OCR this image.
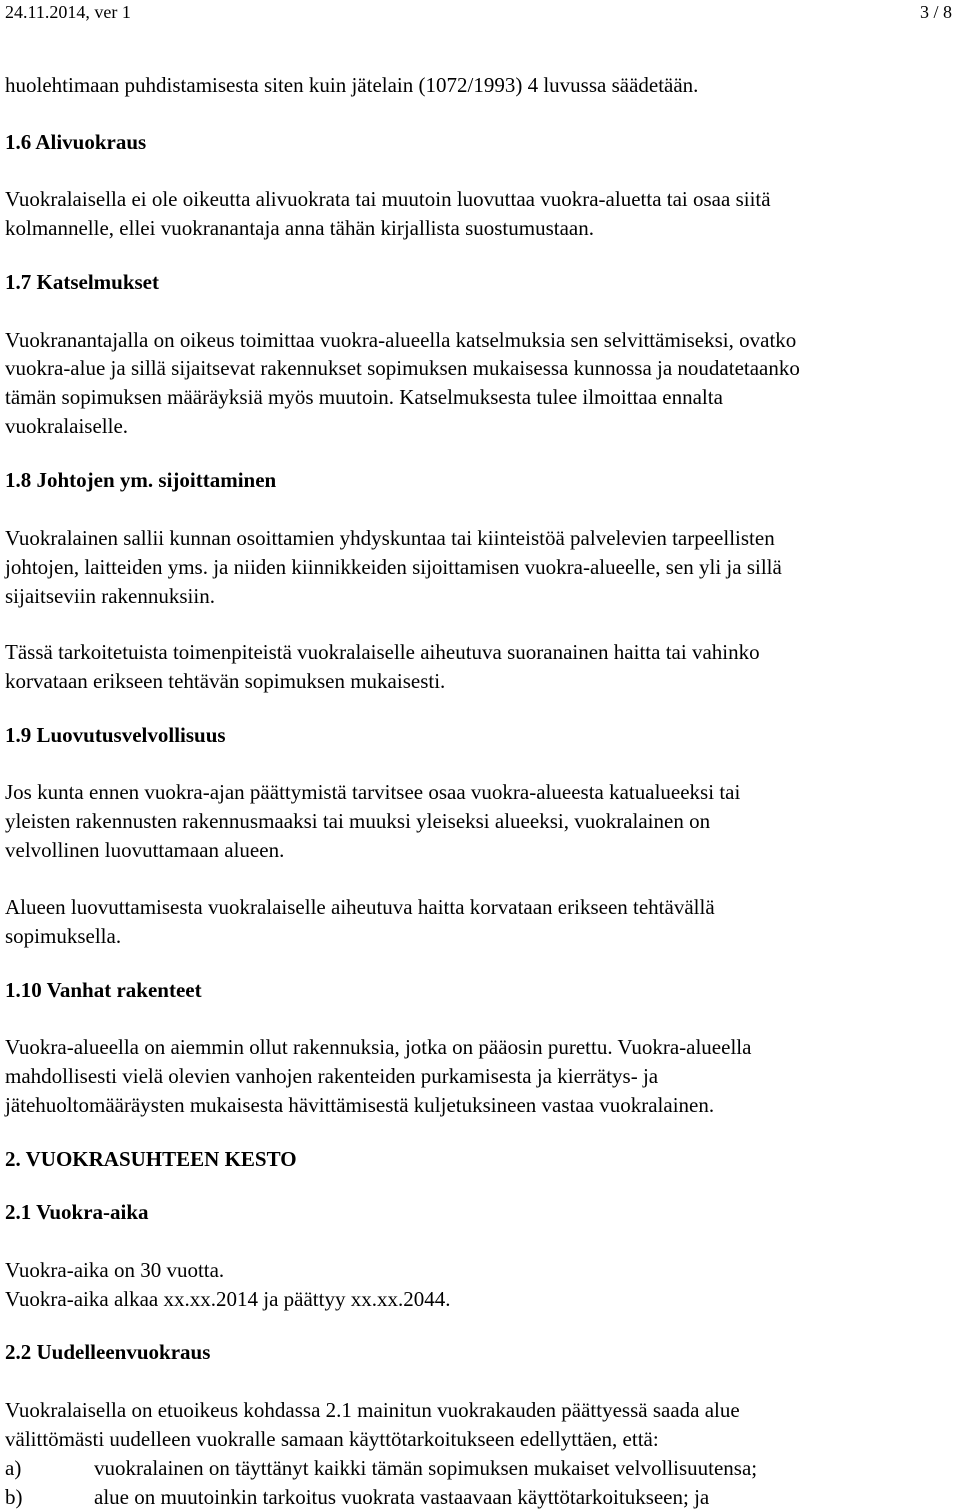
24.11.2014, ver 1	3 / 8

huolehtimaan puhdistamisesta siten kuin jätelain (1072/1993) 4 luvussa säädetään.

1.6 Alivuokraus

Vuokralaisella ei ole oikeutta alivuokrata tai muutoin luovuttaa vuokra-aluetta tai osaa siitä

kolmannelle, ellei vuokranantaja anna tähän kirjallista suostumustaan.

1.7 Katselmukset

Vuokranantajalla on oikeus toimittaa vuokra-alueella katselmuksia sen selvittämiseksi, ovatko

vuokra-alue ja sillä sijaitsevat rakennukset sopimuksen mukaisessa kunnossa ja noudatetaanko

tämän sopimuksen määräyksiä myös muutoin. Katselmuksesta tulee ilmoittaa ennalta

vuokralaiselle.

1.8 Johtojen ym. sijoittaminen

Vuokralainen sallii kunnan osoittamien yhdyskuntaa tai kiinteistöä palvelevien tarpeellisten

johtojen, laitteiden yms. ja niiden kiinnikkeiden sijoittamisen vuokra-alueelle, sen yli ja sillä

sijaitseviin rakennuksiin.

Tässä tarkoitetuista toimenpiteistä vuokralaiselle aiheutuva suoranainen haitta tai vahinko

korvataan erikseen tehtävän sopimuksen mukaisesti.

1.9 Luovutusvelvollisuus

Jos kunta ennen vuokra-ajan päättymistä tarvitsee osaa vuokra-alueesta katualueeksi tai

yleisten rakennusten rakennusmaaksi tai muuksi yleiseksi alueeksi, vuokralainen on

velvollinen luovuttamaan alueen.

Alueen luovuttamisesta vuokralaiselle aiheutuva haitta korvataan erikseen tehtävällä

sopimuksella.

1.10 Vanhat rakenteet

Vuokra-alueella on aiemmin ollut rakennuksia, jotka on pääosin purettu. Vuokra-alueella

mahdollisesti vielä olevien vanhojen rakenteiden purkamisesta ja kierrätys- ja

jätehuoltomääräysten mukaisesta hävittämisestä kuljetuksineen vastaa vuokralainen.

2. VUOKRASUHTEEN KESTO

2.1 Vuokra-aika

Vuokra-aika on 30 vuotta.

Vuokra-aika alkaa xx.xx.2014 ja päättyy xx.xx.2044.

2.2 Uudelleenvuokraus

Vuokralaisella on etuoikeus kohdassa 2.1 mainitun vuokrakauden päättyessä saada alue

välittömästi uudelleen vuokralle samaan käyttötarkoitukseen edellyttäen, että:

a)	vuokralainen on täyttänyt kaikki tämän sopimuksen mukaiset velvollisuutensa;
b)	alue on muutoinkin tarkoitus vuokrata vastaavaan käyttötarkoitukseen; ja
